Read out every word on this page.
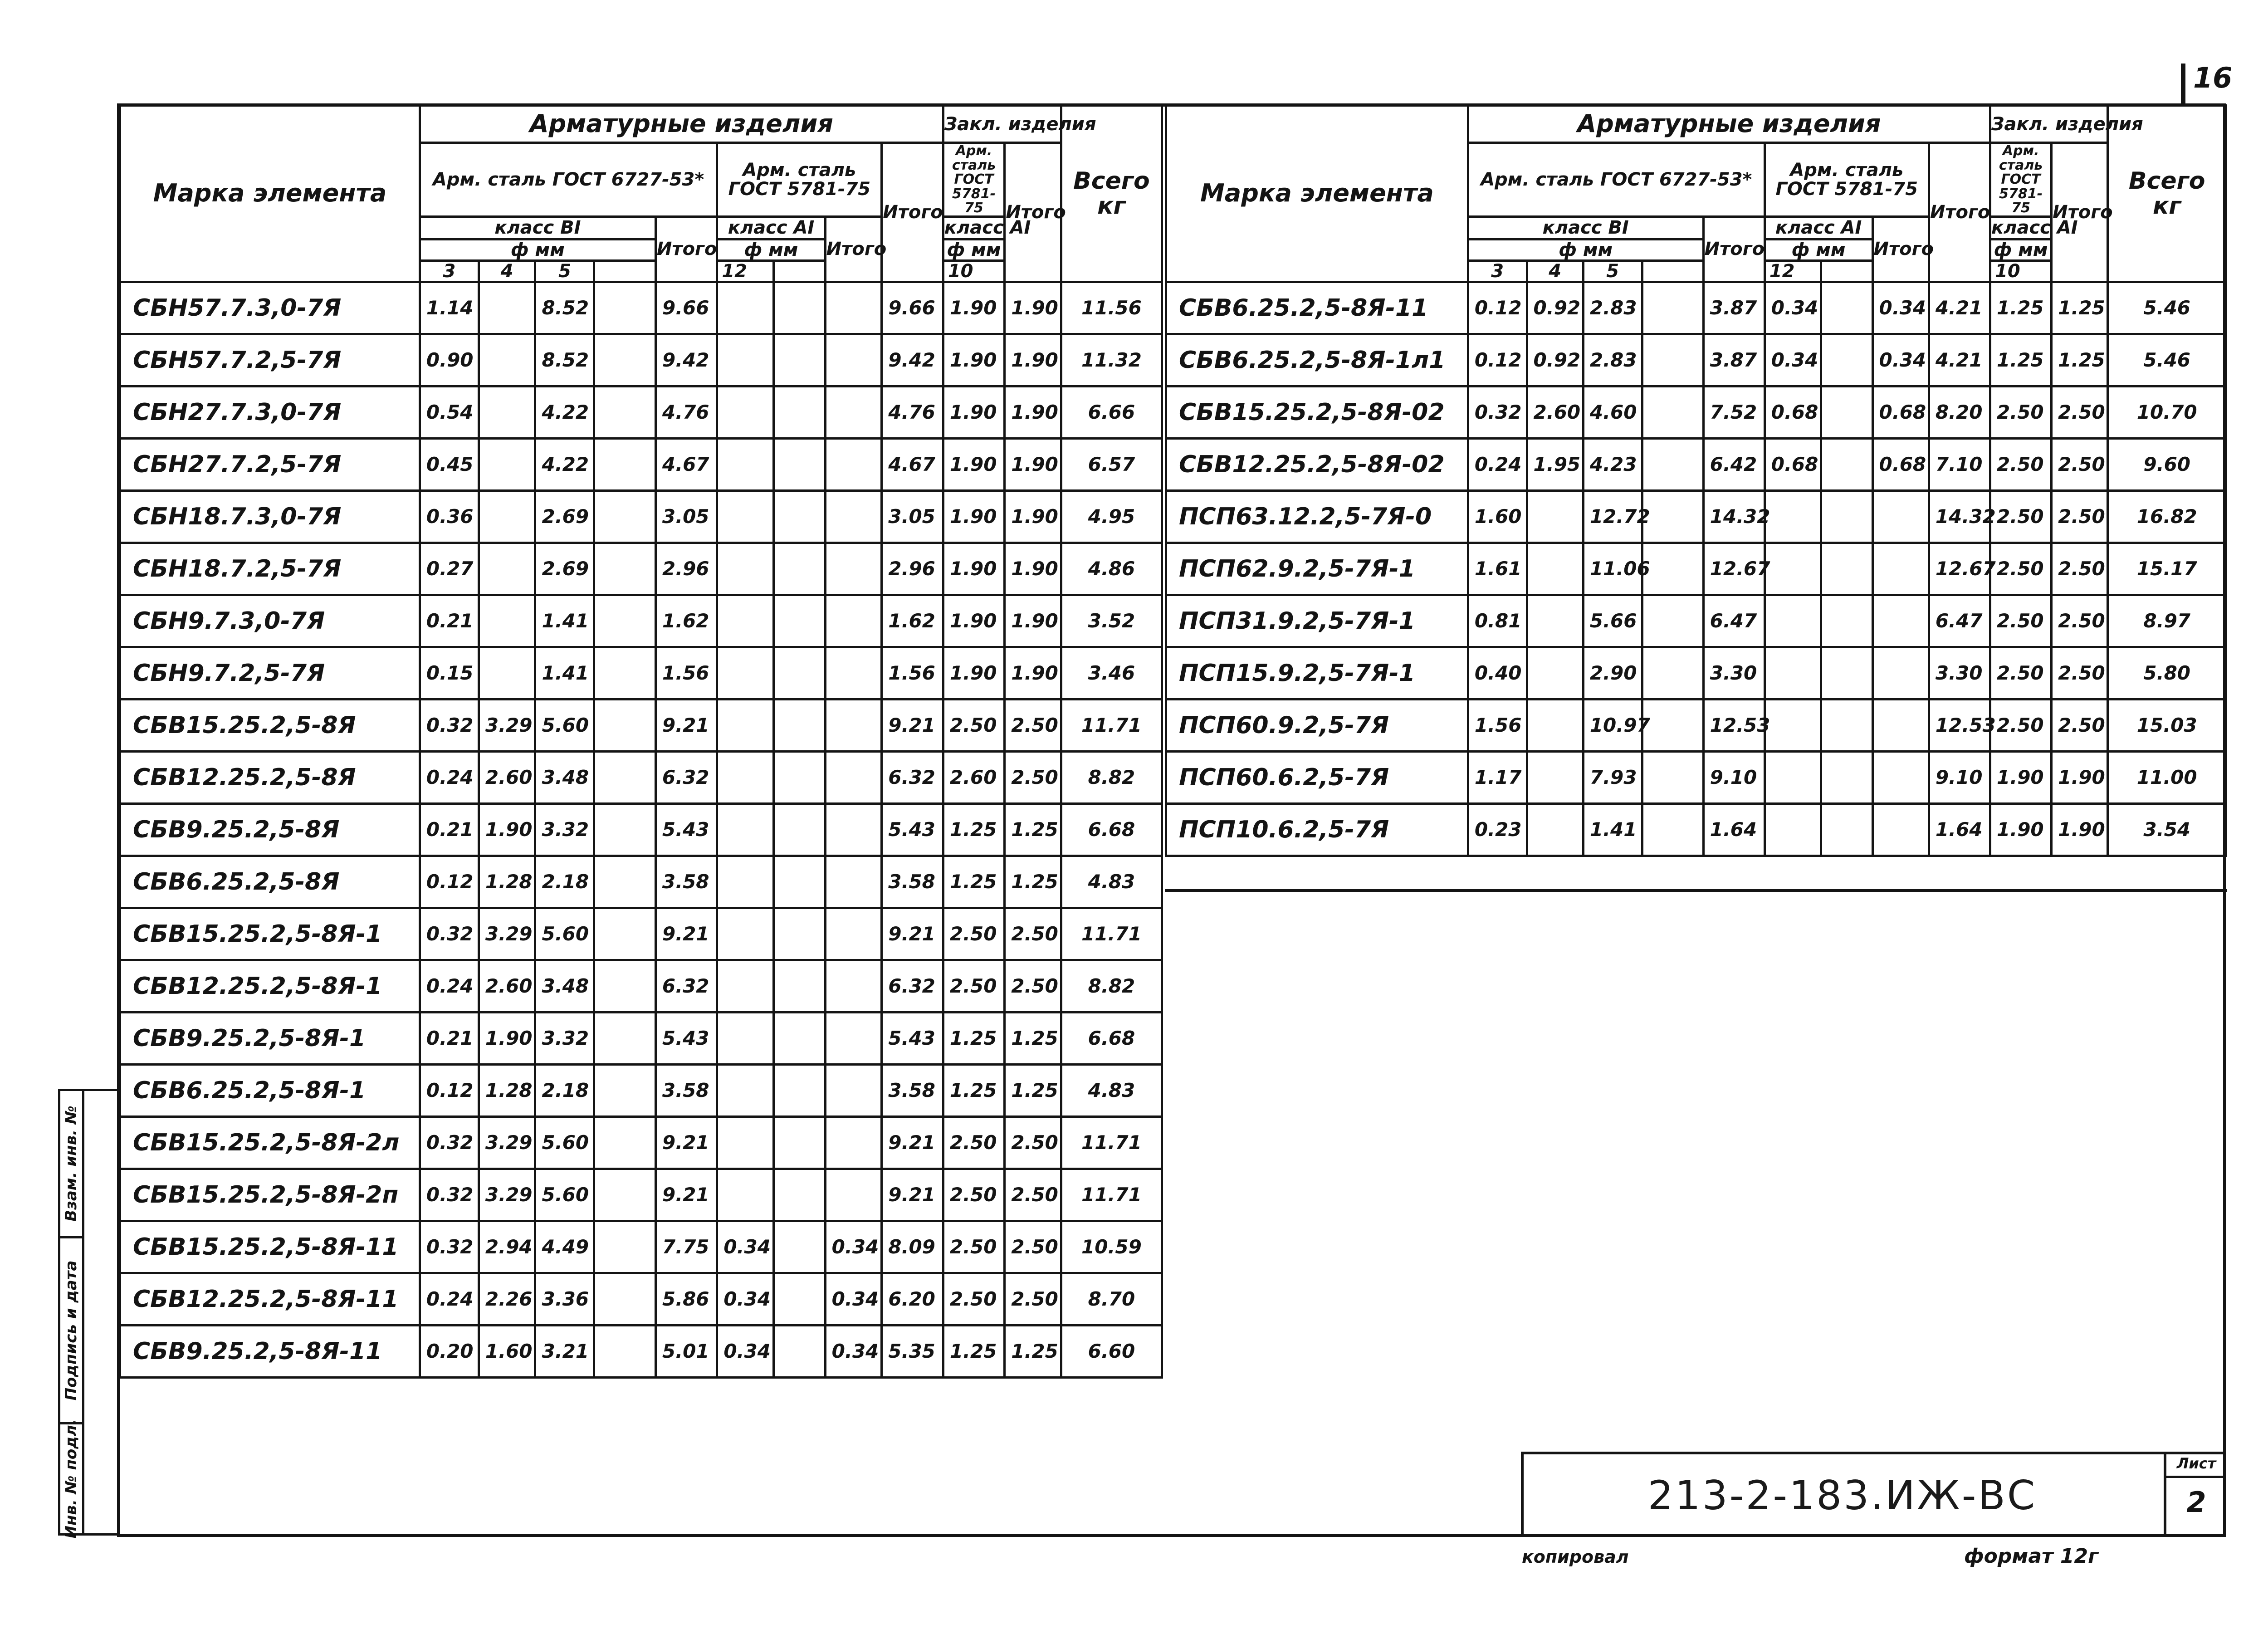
16
Взам. инв. №
Подпись и дата
Инв. № подл.
Марка элемента	Арматурные изделия									Закл. изделия		Всего
кг
	Арм. сталь ГОСТ 6727-53*					Арм. сталь ГОСТ 5781-75			Итого	Арм. сталь ГОСТ 5781-75	Итого	
	класс ВI				Итого	класс АI		Итого		класс АI		
	ф мм					ф мм				ф мм		
	3	4	5			12				10		
СБН57.7.3,0-7Я	1.14		8.52		9.66				9.66	1.90	1.90	11.56
СБН57.7.2,5-7Я	0.90		8.52		9.42				9.42	1.90	1.90	11.32
СБН27.7.3,0-7Я	0.54		4.22		4.76				4.76	1.90	1.90	6.66
СБН27.7.2,5-7Я	0.45		4.22		4.67				4.67	1.90	1.90	6.57
СБН18.7.3,0-7Я	0.36		2.69		3.05				3.05	1.90	1.90	4.95
СБН18.7.2,5-7Я	0.27		2.69		2.96				2.96	1.90	1.90	4.86
СБН9.7.3,0-7Я	0.21		1.41		1.62				1.62	1.90	1.90	3.52
СБН9.7.2,5-7Я	0.15		1.41		1.56				1.56	1.90	1.90	3.46
СБВ15.25.2,5-8Я	0.32	3.29	5.60		9.21				9.21	2.50	2.50	11.71
СБВ12.25.2,5-8Я	0.24	2.60	3.48		6.32				6.32	2.60	2.50	8.82
СБВ9.25.2,5-8Я	0.21	1.90	3.32		5.43				5.43	1.25	1.25	6.68
СБВ6.25.2,5-8Я	0.12	1.28	2.18		3.58				3.58	1.25	1.25	4.83
СБВ15.25.2,5-8Я-1	0.32	3.29	5.60		9.21				9.21	2.50	2.50	11.71
СБВ12.25.2,5-8Я-1	0.24	2.60	3.48		6.32				6.32	2.50	2.50	8.82
СБВ9.25.2,5-8Я-1	0.21	1.90	3.32		5.43				5.43	1.25	1.25	6.68
СБВ6.25.2,5-8Я-1	0.12	1.28	2.18		3.58				3.58	1.25	1.25	4.83
СБВ15.25.2,5-8Я-2л	0.32	3.29	5.60		9.21				9.21	2.50	2.50	11.71
СБВ15.25.2,5-8Я-2п	0.32	3.29	5.60		9.21				9.21	2.50	2.50	11.71
СБВ15.25.2,5-8Я-11	0.32	2.94	4.49		7.75	0.34		0.34	8.09	2.50	2.50	10.59
СБВ12.25.2,5-8Я-11	0.24	2.26	3.36		5.86	0.34		0.34	6.20	2.50	2.50	8.70
СБВ9.25.2,5-8Я-11	0.20	1.60	3.21		5.01	0.34		0.34	5.35	1.25	1.25	6.60
Марка элемента	Арматурные изделия									Закл. изделия		Всего
кг
	Арм. сталь ГОСТ 6727-53*					Арм. сталь ГОСТ 5781-75			Итого	Арм. сталь ГОСТ 5781-75	Итого	
	класс ВI				Итого	класс АI		Итого		класс АI		
	ф мм					ф мм				ф мм		
	3	4	5			12				10		
СБВ6.25.2,5-8Я-11	0.12	0.92	2.83		3.87	0.34		0.34	4.21	1.25	1.25	5.46
СБВ6.25.2,5-8Я-1л1	0.12	0.92	2.83		3.87	0.34		0.34	4.21	1.25	1.25	5.46
СБВ15.25.2,5-8Я-02	0.32	2.60	4.60		7.52	0.68		0.68	8.20	2.50	2.50	10.70
СБВ12.25.2,5-8Я-02	0.24	1.95	4.23		6.42	0.68		0.68	7.10	2.50	2.50	9.60
ПСП63.12.2,5-7Я-0	1.60		12.72		14.32				14.32	2.50	2.50	16.82
ПСП62.9.2,5-7Я-1	1.61		11.06		12.67				12.67	2.50	2.50	15.17
ПСП31.9.2,5-7Я-1	0.81		5.66		6.47				6.47	2.50	2.50	8.97
ПСП15.9.2,5-7Я-1	0.40		2.90		3.30				3.30	2.50	2.50	5.80
ПСП60.9.2,5-7Я	1.56		10.97		12.53				12.53	2.50	2.50	15.03
ПСП60.6.2,5-7Я	1.17		7.93		9.10				9.10	1.90	1.90	11.00
ПСП10.6.2,5-7Я	0.23		1.41		1.64				1.64	1.90	1.90	3.54
213-2-183.ИЖ-ВС
Лист
2
копировал	формат 12г
